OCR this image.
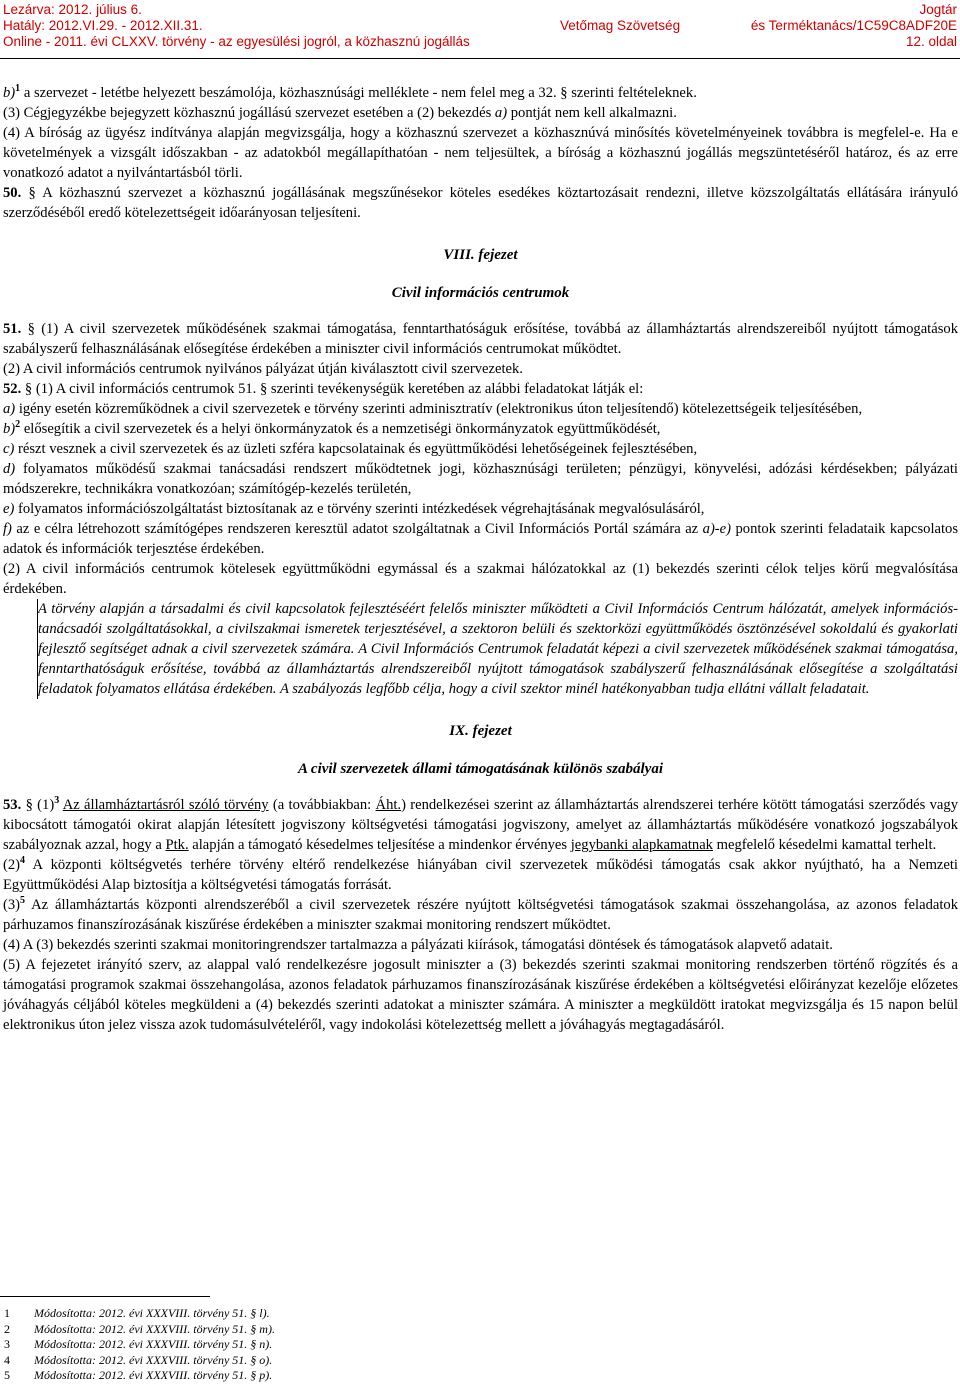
Lezárva: 2012. július 6.
Hatály: 2012.VI.29. - 2012.XII.31.
Online - 2011. évi CLXXV. törvény - az egyesülési jogról, a közhasznú jogállás
Vetőmag Szövetség
Jogtár
és Terméktanács/1C59C8ADF20E
12. oldal

b)$^1$ a szervezet - letétbe helyezett beszámolója, közhasznúsági melléklete - nem felel meg a 32. § szerinti feltételeknek.

(3) Cégjegyzékbe bejegyzett közhasznú jogállású szervezet esetében a (2) bekezdés a) pontját nem kell alkalmazni.

(4) A bíróság az ügyész indítványa alapján megvizsgálja, hogy a közhasznú szervezet a közhasznúvá minősítés követelményeinek továbbra is megfelel-e. Ha e követelmények a vizsgált időszakban - az adatokból megállapíthatóan - nem teljesültek, a bíróság a közhasznú jogállás megszüntetéséről határoz, és az erre vonatkozó adatot a nyilvántartásból törli.

50. § A közhasznú szervezet a közhasznú jogállásának megszűnésekor köteles esedékes köztartozásait rendezni, illetve közszolgáltatás ellátására irányuló szerződéséből eredő kötelezettségeit időarányosan teljesíteni.

VIII. fejezet

Civil információs centrumok

51. § (1) A civil szervezetek működésének szakmai támogatása, fenntarthatóságuk erősítése, továbbá az államháztartás alrendszereiből nyújtott támogatások szabályszerű felhasználásának elősegítése érdekében a miniszter civil információs centrumokat működtet.

(2) A civil információs centrumok nyilvános pályázat útján kiválasztott civil szervezetek.

52. § (1) A civil információs centrumok 51. § szerinti tevékenységük keretében az alábbi feladatokat látják el:

a) igény esetén közreműködnek a civil szervezetek e törvény szerinti adminisztratív (elektronikus úton teljesítendő) kötelezettségeik teljesítésében,

b)$^2$ elősegítik a civil szervezetek és a helyi önkormányzatok és a nemzetiségi önkormányzatok együttműködését,

c) részt vesznek a civil szervezetek és az üzleti szféra kapcsolatainak és együttműködési lehetőségeinek fejlesztésében,

d) folyamatos működésű szakmai tanácsadási rendszert működtetnek jogi, közhasznúsági területen; pénzügyi, könyvelési, adózási kérdésekben; pályázati módszerekre, technikákra vonatkozóan; számítógép-kezelés területén,

e) folyamatos információszolgáltatást biztosítanak az e törvény szerinti intézkedések végrehajtásának megvalósulásáról,

f) az e célra létrehozott számítógépes rendszeren keresztül adatot szolgáltatnak a Civil Információs Portál számára az a)-e) pontok szerinti feladataik kapcsolatos adatok és információk terjesztése érdekében.

(2) A civil információs centrumok kötelesek együttműködni egymással és a szakmai hálózatokkal az (1) bekezdés szerinti célok teljes körű megvalósítása érdekében.

A törvény alapján a társadalmi és civil kapcsolatok fejlesztéséért felelős miniszter működteti a Civil Információs Centrum hálózatát, amelyek információs-tanácsadói szolgáltatásokkal, a civilszakmai ismeretek terjesztésével, a szektoron belüli és szektorközi együttműködés ösztönzésével sokoldalú és gyakorlati fejlesztő segítséget adnak a civil szervezetek számára. A Civil Információs Centrumok feladatát képezi a civil szervezetek működésének szakmai támogatása, fenntarthatóságuk erősítése, továbbá az államháztartás alrendszereiből nyújtott támogatások szabályszerű felhasználásának elősegítése a szolgáltatási feladatok folyamatos ellátása érdekében. A szabályozás legfőbb célja, hogy a civil szektor minél hatékonyabban tudja ellátni vállalt feladatait.

IX. fejezet

A civil szervezetek állami támogatásának különös szabályai

53. § $(1)^3$ Az államháztartásról szóló törvény (a továbbiakban: Áht.) rendelkezései szerint az államháztartás alrendszerei terhére kötött támogatási szerződés vagy kibocsátott támogatói okirat alapján létesített jogviszony költségvetési támogatási jogviszony, amelyet az államháztartás működésére vonatkozó jogszabályok szabályoznak azzal, hogy a Ptk. alapján a támogató késedelmes teljesítése a mindenkor érvényes jegybanki alapkamatnak megfelelő késedelmi kamattal terhelt.

$(2)^4$ A központi költségvetés terhére törvény eltérő rendelkezése hiányában civil szervezetek működési támogatás csak akkor nyújtható, ha a Nemzeti Együttműködési Alap biztosítja a költségvetési támogatás forrását.

$(3)^5$ Az államháztartás központi alrendszeréből a civil szervezetek részére nyújtott költségvetési támogatások szakmai összehangolása, az azonos feladatok párhuzamos finanszírozásának kiszűrése érdekében a miniszter szakmai monitoring rendszert működtet.

(4) A (3) bekezdés szerinti szakmai monitoringrendszer tartalmazza a pályázati kiírások, támogatási döntések és támogatások alapvető adatait.

(5) A fejezetet irányító szerv, az alappal való rendelkezésre jogosult miniszter a (3) bekezdés szerinti szakmai monitoring rendszerben történő rögzítés és a támogatási programok szakmai összehangolása, azonos feladatok párhuzamos finanszírozásának kiszűrése érdekében a költségvetési előirányzat kezelője előzetes jóváhagyás céljából köteles megküldeni a (4) bekezdés szerinti adatokat a miniszter számára. A miniszter a megküldött iratokat megvizsgálja és 15 napon belül elektronikus úton jelez vissza azok tudomásulvételéről, vagy indokolási kötelezettség mellett a jóváhagyás megtagadásáról.

1 Módosította: 2012. évi XXXVIII. törvény 51. § l).
2 Módosította: 2012. évi XXXVIII. törvény 51. § m).
3 Módosította: 2012. évi XXXVIII. törvény 51. § n).
4 Módosította: 2012. évi XXXVIII. törvény 51. § o).
5 Módosította: 2012. évi XXXVIII. törvény 51. § p).
